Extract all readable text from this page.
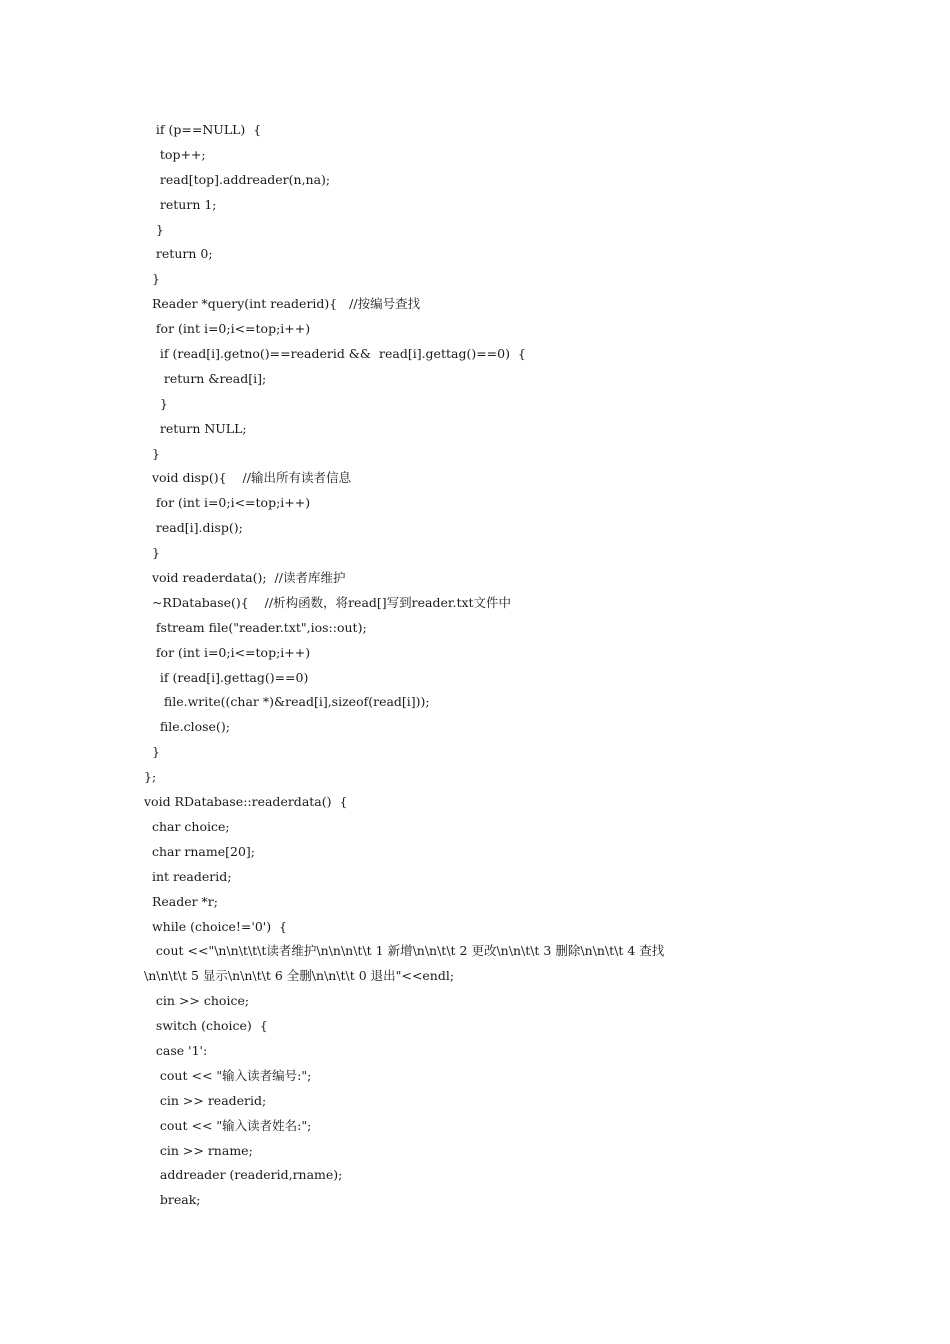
if (p==NULL)  {
top++;
read[top].addreader(n,na);
return 1;
}
return 0;
}
Reader *query(int readerid){   //按编号查找
for (int i=0;i<=top;i++)
if (read[i].getno()==readerid &&  read[i].gettag()==0)  {
return &read[i];
}
return NULL;
}
void disp(){    //输出所有读者信息
for (int i=0;i<=top;i++)
read[i].disp();
}
void readerdata();  //读者库维护
~RDatabase(){    //析构函数，将read[]写到reader.txt文件中
fstream file("reader.txt",ios::out);
for (int i=0;i<=top;i++)
if (read[i].gettag()==0)
file.write((char *)&read[i],sizeof(read[i]));
file.close();
}
};
void RDatabase::readerdata()  {
char choice;
char rname[20];
int readerid;
Reader *r;
while (choice!='0')  {
cout <<"\n\n\t\t\t读者维护\n\n\n\t\t 1 新增\n\n\t\t 2 更改\n\n\t\t 3 删除\n\n\t\t 4 查找
\n\n\t\t 5 显示\n\n\t\t 6 全删\n\n\t\t 0 退出"<<endl;
cin >> choice;
switch (choice)  {
case '1':
cout << "输入读者编号:";
cin >> readerid;
cout << "输入读者姓名:";
cin >> rname;
addreader (readerid,rname);
break;
